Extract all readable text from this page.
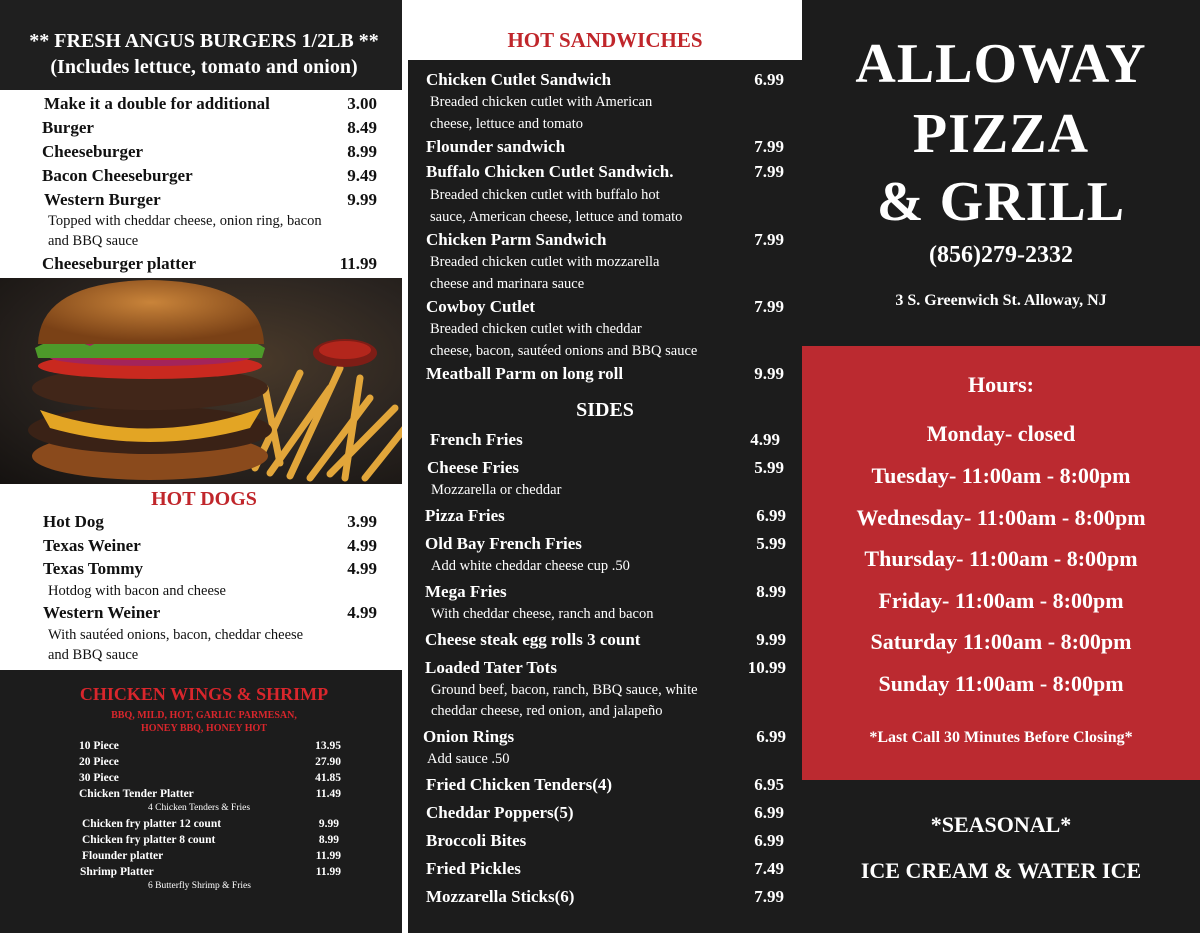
** FRESH ANGUS BURGERS 1/2LB **
(Includes lettuce, tomato and onion)
Make it a double for additional	3.00
Burger	8.49
Cheeseburger	8.99
Bacon Cheeseburger	9.49
Western Burger	9.99
Topped with cheddar cheese, onion ring, bacon
and BBQ sauce
Cheeseburger platter	11.99
HOT DOGS
Hot Dog	3.99
Texas Weiner	4.99
Texas Tommy	4.99
Hotdog with bacon and cheese
Western Weiner	4.99
With sautéed onions, bacon, cheddar cheese
and BBQ sauce
CHICKEN WINGS & SHRIMP
BBQ, MILD, HOT, GARLIC PARMESAN,
HONEY BBQ, HONEY HOT
10 Piece	13.95
20 Piece	27.90
30 Piece	41.85
Chicken Tender Platter	11.49
4 Chicken Tenders & Fries
Chicken fry platter 12 count	9.99
Chicken fry platter 8 count	8.99
Flounder platter	11.99
Shrimp Platter	11.99
6 Butterfly Shrimp & Fries
HOT SANDWICHES
Chicken Cutlet Sandwich	6.99
Breaded chicken cutlet with American
cheese, lettuce and tomato
Flounder sandwich	7.99
Buffalo Chicken Cutlet Sandwich.	7.99
Breaded chicken cutlet with buffalo hot
sauce, American cheese, lettuce and tomato
Chicken Parm Sandwich	7.99
Breaded chicken cutlet with mozzarella
cheese and marinara sauce
Cowboy Cutlet	7.99
Breaded chicken cutlet with cheddar
cheese, bacon, sautéed onions and BBQ sauce
Meatball Parm on long roll	9.99
SIDES
French Fries	4.99
Cheese Fries	5.99
Mozzarella or cheddar
Pizza Fries	6.99
Old Bay French Fries	5.99
Add white cheddar cheese cup .50
Mega Fries	8.99
With cheddar cheese, ranch and bacon
Cheese steak egg rolls 3 count	9.99
Loaded Tater Tots	10.99
Ground beef, bacon, ranch, BBQ sauce, white
cheddar cheese, red onion, and jalapeño
Onion Rings	6.99
Add sauce .50
Fried Chicken Tenders(4)	6.95
Cheddar Poppers(5)	6.99
Broccoli Bites	6.99
Fried Pickles	7.49
Mozzarella Sticks(6)	7.99
ALLOWAY
PIZZA
& GRILL
(856)279-2332
3 S. Greenwich St. Alloway, NJ
Hours:
Monday- closed
Tuesday- 11:00am - 8:00pm
Wednesday- 11:00am - 8:00pm
Thursday- 11:00am - 8:00pm
Friday- 11:00am - 8:00pm
Saturday 11:00am - 8:00pm
Sunday 11:00am - 8:00pm
*Last Call 30 Minutes Before Closing*
*SEASONAL*
ICE CREAM & WATER ICE
